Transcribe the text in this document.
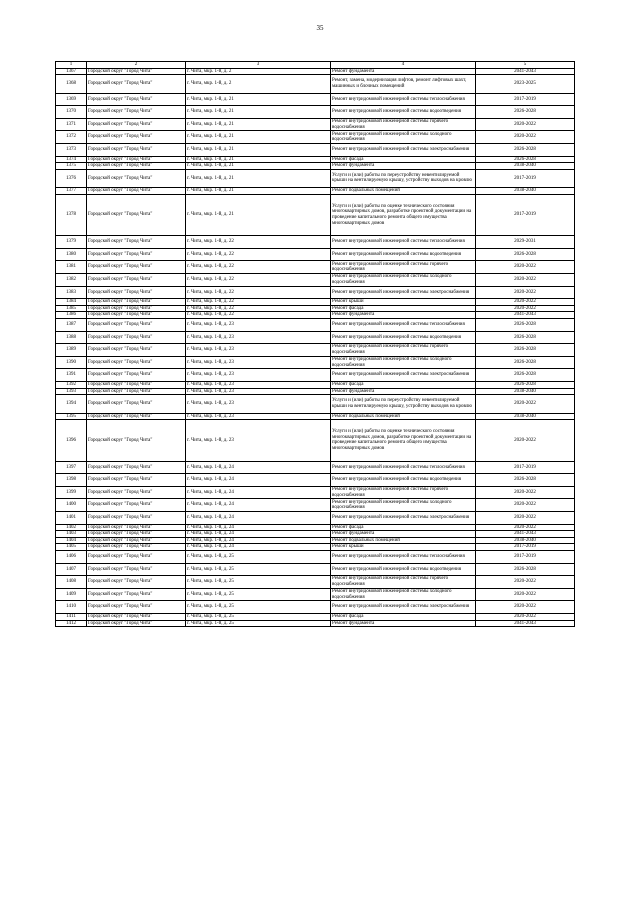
35
1	2	3	4	5
1367	Городской округ "Город Чита"	г. Чита, мкр. 1-й, д. 2	Ремонт фундамента	2041-2043
1368	Городской округ "Город Чита"	г. Чита, мкр. 1-й, д. 2	Ремонт, замена, модернизация лифтов, ремонт лифтовых шахт, машинных и блочных помещений	2023-2025
1369	Городской округ "Город Чита"	г. Чита, мкр. 1-й, д. 21	Ремонт внутридомовой инженерной системы теплоснабжения	2017-2019
1370	Городской округ "Город Чита"	г. Чита, мкр. 1-й, д. 21	Ремонт внутридомовой инженерной системы водоотведения	2026-2028
1371	Городской округ "Город Чита"	г. Чита, мкр. 1-й, д. 21	Ремонт внутридомовой инженерной системы горячего водоснабжения	2020-2022
1372	Городской округ "Город Чита"	г. Чита, мкр. 1-й, д. 21	Ремонт внутридомовой инженерной системы холодного водоснабжения	2020-2022
1373	Городской округ "Город Чита"	г. Чита, мкр. 1-й, д. 21	Ремонт внутридомовой инженерной системы электроснабжения	2026-2028
1374	Городской округ "Город Чита"	г. Чита, мкр. 1-й, д. 21	Ремонт фасада	2026-2028
1375	Городской округ "Город Чита"	г. Чита, мкр. 1-й, д. 21	Ремонт фундамента	2038-2040
1376	Городской округ "Город Чита"	г. Чита, мкр. 1-й, д. 21	Услуги и (или) работы по переустройству невентилируемой крыши на вентилируемую крышу, устройству выходов на кровлю	2017-2019
1377	Городской округ "Город Чита"	г. Чита, мкр. 1-й, д. 21	Ремонт подвальных помещений	2038-2040
1378	Городской округ "Город Чита"	г. Чита, мкр. 1-й, д. 21	Услуги и (или) работы по оценке технического состояния многоквартирных домов, разработке проектной документации на проведение капитального ремонта общего имущества многоквартирных домов	2017-2019
1379	Городской округ "Город Чита"	г. Чита, мкр. 1-й, д. 22	Ремонт внутридомовой инженерной системы теплоснабжения	2029-2031
1380	Городской округ "Город Чита"	г. Чита, мкр. 1-й, д. 22	Ремонт внутридомовой инженерной системы водоотведения	2026-2028
1381	Городской округ "Город Чита"	г. Чита, мкр. 1-й, д. 22	Ремонт внутридомовой инженерной системы горячего водоснабжения	2020-2022
1382	Городской округ "Город Чита"	г. Чита, мкр. 1-й, д. 22	Ремонт внутридомовой инженерной системы холодного водоснабжения	2020-2022
1383	Городской округ "Город Чита"	г. Чита, мкр. 1-й, д. 22	Ремонт внутридомовой инженерной системы электроснабжения	2020-2022
1384	Городской округ "Город Чита"	г. Чита, мкр. 1-й, д. 22	Ремонт крыши	2020-2022
1385	Городской округ "Город Чита"	г. Чита, мкр. 1-й, д. 22	Ремонт фасада	2020-2022
1386	Городской округ "Город Чита"	г. Чита, мкр. 1-й, д. 22	Ремонт фундамента	2041-2043
1387	Городской округ "Город Чита"	г. Чита, мкр. 1-й, д. 23	Ремонт внутридомовой инженерной системы теплоснабжения	2026-2028
1388	Городской округ "Город Чита"	г. Чита, мкр. 1-й, д. 23	Ремонт внутридомовой инженерной системы водоотведения	2026-2028
1389	Городской округ "Город Чита"	г. Чита, мкр. 1-й, д. 23	Ремонт внутридомовой инженерной системы горячего водоснабжения	2026-2028
1390	Городской округ "Город Чита"	г. Чита, мкр. 1-й, д. 23	Ремонт внутридомовой инженерной системы холодного водоснабжения	2026-2028
1391	Городской округ "Город Чита"	г. Чита, мкр. 1-й, д. 23	Ремонт внутридомовой инженерной системы электроснабжения	2026-2028
1392	Городской округ "Город Чита"	г. Чита, мкр. 1-й, д. 23	Ремонт фасада	2026-2028
1393	Городской округ "Город Чита"	г. Чита, мкр. 1-й, д. 23	Ремонт фундамента	2038-2040
1394	Городской округ "Город Чита"	г. Чита, мкр. 1-й, д. 23	Услуги и (или) работы по переустройству невентилируемой крыши на вентилируемую крышу, устройству выходов на кровлю	2020-2022
1395	Городской округ "Город Чита"	г. Чита, мкр. 1-й, д. 23	Ремонт подвальных помещений	2038-2040
1396	Городской округ "Город Чита"	г. Чита, мкр. 1-й, д. 23	Услуги и (или) работы по оценке технического состояния многоквартирных домов, разработке проектной документации на проведение капитального ремонта общего имущества многоквартирных домов	2020-2022
1397	Городской округ "Город Чита"	г. Чита, мкр. 1-й, д. 24	Ремонт внутридомовой инженерной системы теплоснабжения	2017-2019
1398	Городской округ "Город Чита"	г. Чита, мкр. 1-й, д. 24	Ремонт внутридомовой инженерной системы водоотведения	2026-2028
1399	Городской округ "Город Чита"	г. Чита, мкр. 1-й, д. 24	Ремонт внутридомовой инженерной системы горячего водоснабжения	2020-2022
1400	Городской округ "Город Чита"	г. Чита, мкр. 1-й, д. 24	Ремонт внутридомовой инженерной системы холодного водоснабжения	2020-2022
1401	Городской округ "Город Чита"	г. Чита, мкр. 1-й, д. 24	Ремонт внутридомовой инженерной системы электроснабжения	2020-2022
1402	Городской округ "Город Чита"	г. Чита, мкр. 1-й, д. 24	Ремонт фасада	2020-2022
1403	Городской округ "Город Чита"	г. Чита, мкр. 1-й, д. 24	Ремонт фундамента	2041-2043
1404	Городской округ "Город Чита"	г. Чита, мкр. 1-й, д. 24	Ремонт подвальных помещений	2038-2040
1405	Городской округ "Город Чита"	г. Чита, мкр. 1-й, д. 24	Ремонт крыши	2017-2019
1406	Городской округ "Город Чита"	г. Чита, мкр. 1-й, д. 25	Ремонт внутридомовой инженерной системы теплоснабжения	2017-2019
1407	Городской округ "Город Чита"	г. Чита, мкр. 1-й, д. 25	Ремонт внутридомовой инженерной системы водоотведения	2026-2028
1408	Городской округ "Город Чита"	г. Чита, мкр. 1-й, д. 25	Ремонт внутридомовой инженерной системы горячего водоснабжения	2020-2022
1409	Городской округ "Город Чита"	г. Чита, мкр. 1-й, д. 25	Ремонт внутридомовой инженерной системы холодного водоснабжения	2020-2022
1410	Городской округ "Город Чита"	г. Чита, мкр. 1-й, д. 25	Ремонт внутридомовой инженерной системы электроснабжения	2020-2022
1411	Городской округ "Город Чита"	г. Чита, мкр. 1-й, д. 25	Ремонт фасада	2020-2022
1412	Городской округ "Город Чита"	г. Чита, мкр. 1-й, д. 25	Ремонт фундамента	2041-2043
